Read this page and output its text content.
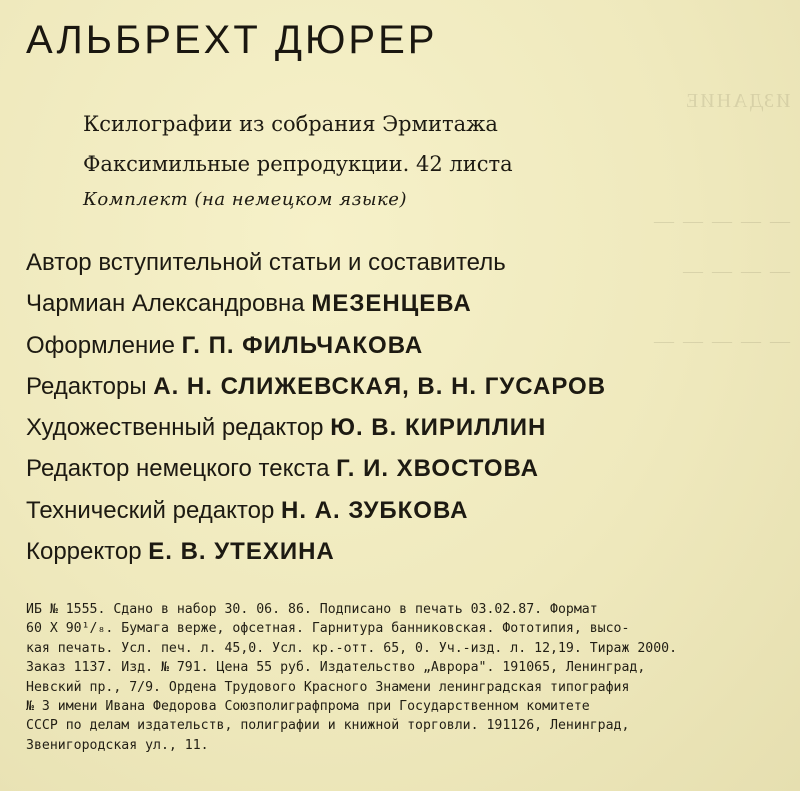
ИЗДАНИЕ
— — — — —
— — — —
— — — — —
АЛЬБРЕХТ ДЮРЕР
Ксилографии из собрания Эрмитажа
Факсимильные репродукции. 42 листа
Комплект (на немецком языке)
Автор вступительной статьи и составитель
Чармиан Александровна МЕЗЕНЦЕВА
Оформление Г. П. ФИЛЬЧАКОВА
Редакторы А. Н. СЛИЖЕВСКАЯ, В. Н. ГУСАРОВ
Художественный редактор Ю. В. КИРИЛЛИН
Редактор немецкого текста Г. И. ХВОСТОВА
Технический редактор Н. А. ЗУБКОВА
Корректор Е. В. УТЕХИНА
ИБ № 1555. Сдано в набор 30. 06. 86. Подписано в печать 03.02.87. Формат
60 X 90¹/₈. Бумага верже, офсетная. Гарнитура банниковская. Фототипия, высо-
кая печать. Усл. печ. л. 45,0. Усл. кр.-отт. 65, 0. Уч.-изд. л. 12,19. Тираж 2000.
Заказ 1137. Изд. № 791. Цена 55 руб. Издательство „Аврора". 191065, Ленинград,
Невский пр., 7/9. Ордена Трудового Красного Знамени ленинградская типография
№ 3 имени Ивана Федорова Союзполиграфпрома при Государственном комитете
СССР по делам издательств, полиграфии и книжной торговли. 191126, Ленинград,
Звенигородская ул., 11.
